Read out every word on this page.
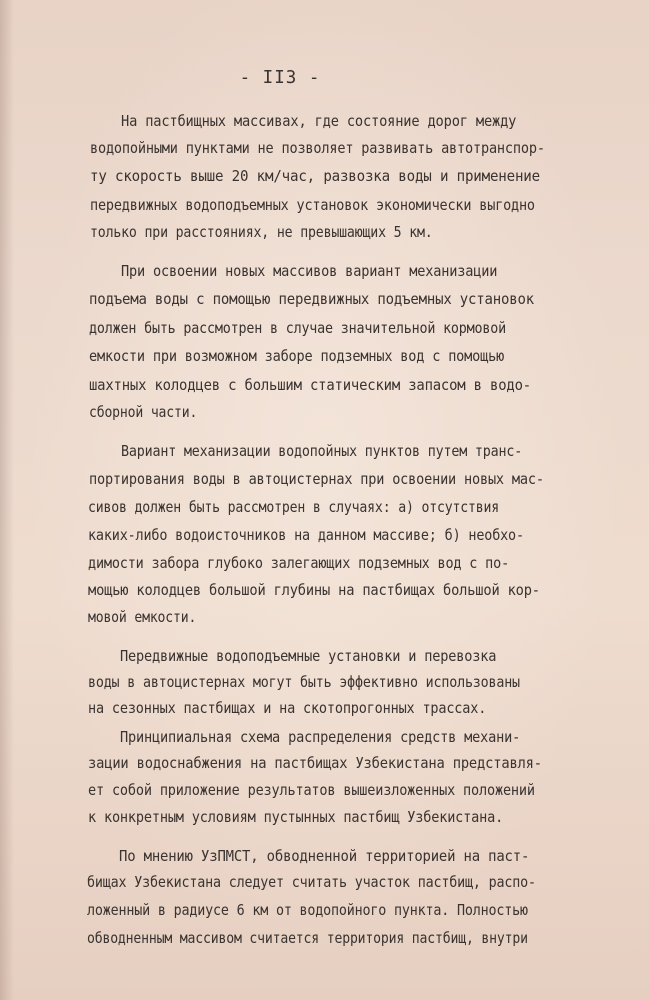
- II3 -
На пастбищных массивах, где состояние дорог между
водопойными пунктами не позволяет развивать автотранспор-
ту скорость выше 20 км/час, развозка воды и применение
передвижных водоподъемных установок экономически выгодно
только при расстояниях, не превышающих 5 км.
При освоении новых массивов вариант механизации
подъема воды с помощью передвижных подъемных установок
должен быть рассмотрен в случае значительной кормовой
емкости при возможном заборе подземных вод с помощью
шахтных колодцев с большим статическим запасом в водо-
сборной части.
Вариант механизации водопойных пунктов путем транс-
портирования воды в автоцистернах при освоении новых мас-
сивов должен быть рассмотрен в случаях: а) отсутствия
каких-либо водоисточников на данном массиве; б) необхо-
димости забора глубоко залегающих подземных вод с по-
мощью колодцев большой глубины на пастбищах большой кор-
мовой емкости.
Передвижные водоподъемные установки и перевозка
воды в автоцистернах могут быть эффективно использованы
на сезонных пастбищах и на скотопрогонных трассах.
Принципиальная схема распределения средств механи-
зации водоснабжения на пастбищах Узбекистана представля-
ет собой приложение результатов вышеизложенных положений
к конкретным условиям пустынных пастбищ Узбекистана.
По мнению УзПМСТ, обводненной территорией на паст-
бищах Узбекистана следует считать участок пастбищ, распо-
ложенный в радиусе 6 км от водопойного пункта. Полностью
обводненным массивом считается территория пастбищ, внутри
